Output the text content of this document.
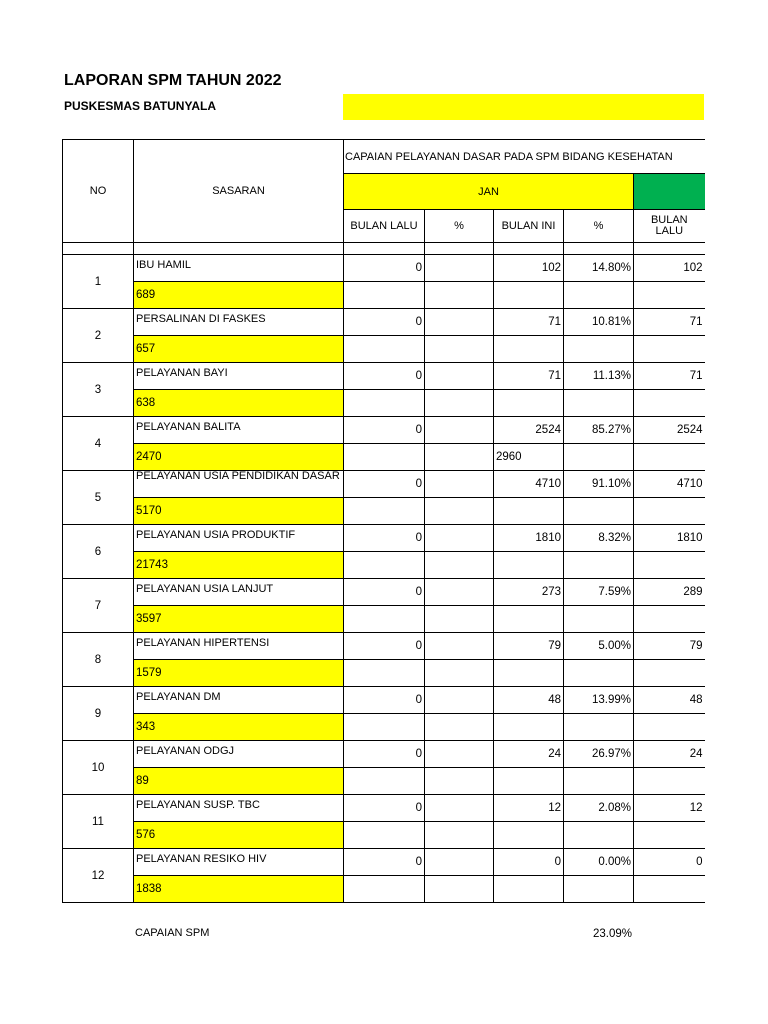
LAPORAN SPM TAHUN 2022
PUSKESMAS BATUNYALA
NO	SASARAN	CAPAIAN PELAYANAN DASAR PADA SPM BIDANG KESEHATAN				
		JAN				
		BULAN LALU	%	BULAN INI	%	BULAN LALU

1	IBU HAMIL	0		102	14.80%	102
	689					
2	PERSALINAN DI FASKES	0		71	10.81%	71
	657					
3	PELAYANAN BAYI	0		71	11.13%	71
	638					
4	PELAYANAN BALITA	0		2524	85.27%	2524
	2470			2960		
5	PELAYANAN USIA PENDIDIKAN DASAR	0		4710	91.10%	4710
	5170					
6	PELAYANAN USIA PRODUKTIF	0		1810	8.32%	1810
	21743					
7	PELAYANAN USIA LANJUT	0		273	7.59%	289
	3597					
8	PELAYANAN HIPERTENSI	0		79	5.00%	79
	1579					
9	PELAYANAN DM	0		48	13.99%	48
	343					
10	PELAYANAN ODGJ	0		24	26.97%	24
	89					
11	PELAYANAN SUSP. TBC	0		12	2.08%	12
	576					
12	PELAYANAN RESIKO HIV	0		0	0.00%	0
	1838					
CAPAIAN SPM	23.09%
